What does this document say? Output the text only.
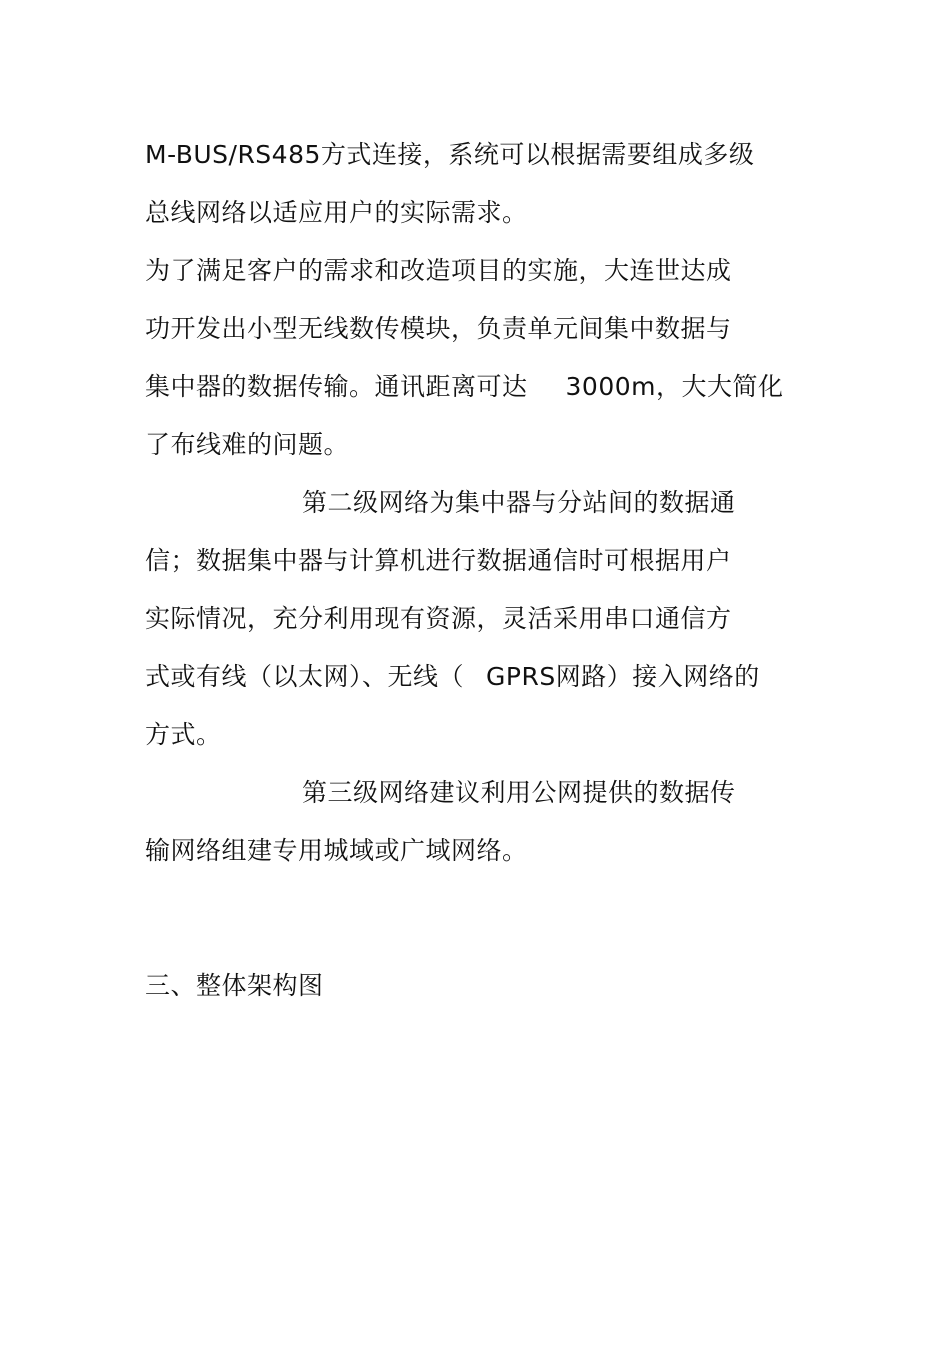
M-BUS/RS485方式连接，系统可以根据需要组成多级
总线网络以适应用户的实际需求。
为了满足客户的需求和改造项目的实施，大连世达成
功开发出小型无线数传模块，负责单元间集中数据与
集中器的数据传输。通讯距离可达 3000m，大大简化
了布线难的问题。
第二级网络为集中器与分站间的数据通
信；数据集中器与计算机进行数据通信时可根据用户
实际情况，充分利用现有资源，灵活采用串口通信方
式或有线（以太网）、无线（ GPRS网路）接入网络的
方式。
第三级网络建议利用公网提供的数据传
输网络组建专用城域或广域网络。
三、整体架构图
